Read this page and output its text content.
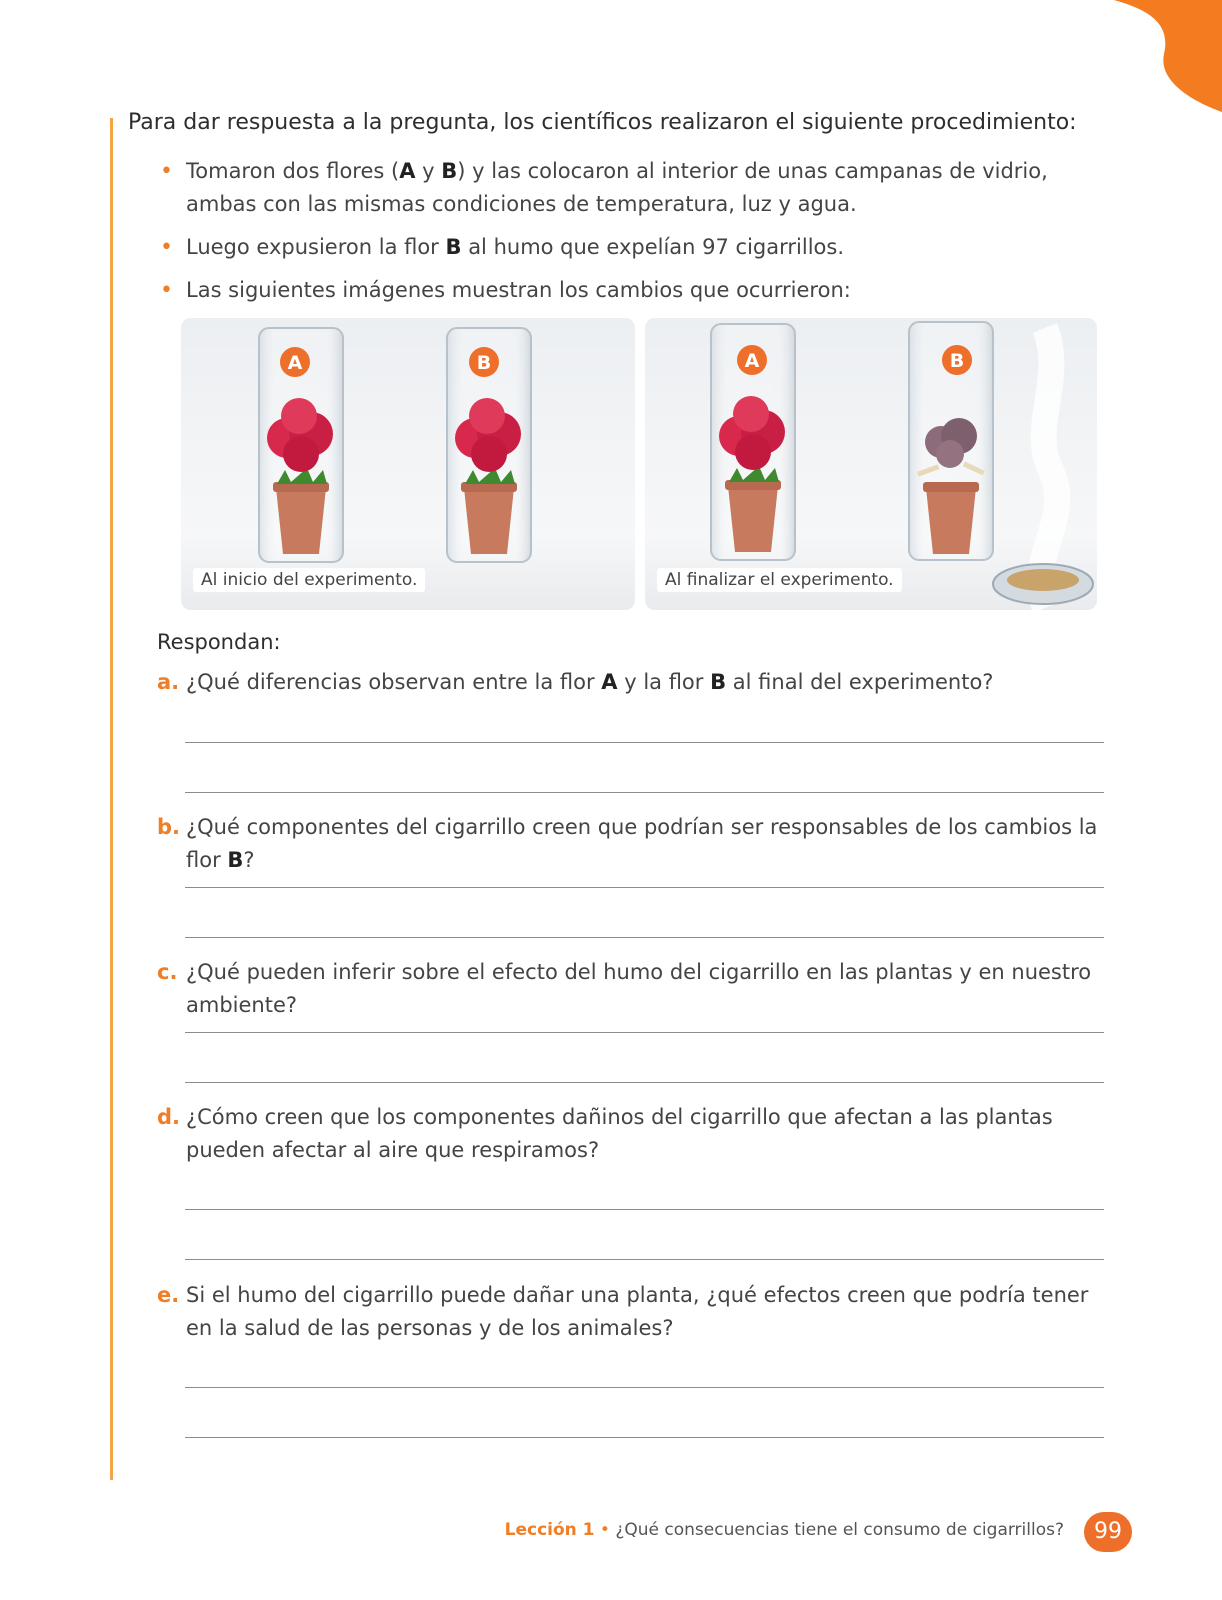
Para dar respuesta a la pregunta, los científicos realizaron el siguiente procedimiento:
• Tomaron dos flores (A y B) y las colocaron al interior de unas campanas de vidrio, ambas con las mismas condiciones de temperatura, luz y agua.
• Luego expusieron la flor B al humo que expelían 97 cigarrillos.
• Las siguientes imágenes muestran los cambios que ocurrieron:
A	B
Al inicio del experimento.
A	B
Al finalizar el experimento.
Respondan:
a. ¿Qué diferencias observan entre la flor A y la flor B al final del experimento?
b. ¿Qué componentes del cigarrillo creen que podrían ser responsables de los cambios la flor B?
c. ¿Qué pueden inferir sobre el efecto del humo del cigarrillo en las plantas y en nuestro ambiente?
d. ¿Cómo creen que los componentes dañinos del cigarrillo que afectan a las plantas pueden afectar al aire que respiramos?
e. Si el humo del cigarrillo puede dañar una planta, ¿qué efectos creen que podría tener en la salud de las personas y de los animales?
Lección 1 • ¿Qué consecuencias tiene el consumo de cigarrillos?	99
